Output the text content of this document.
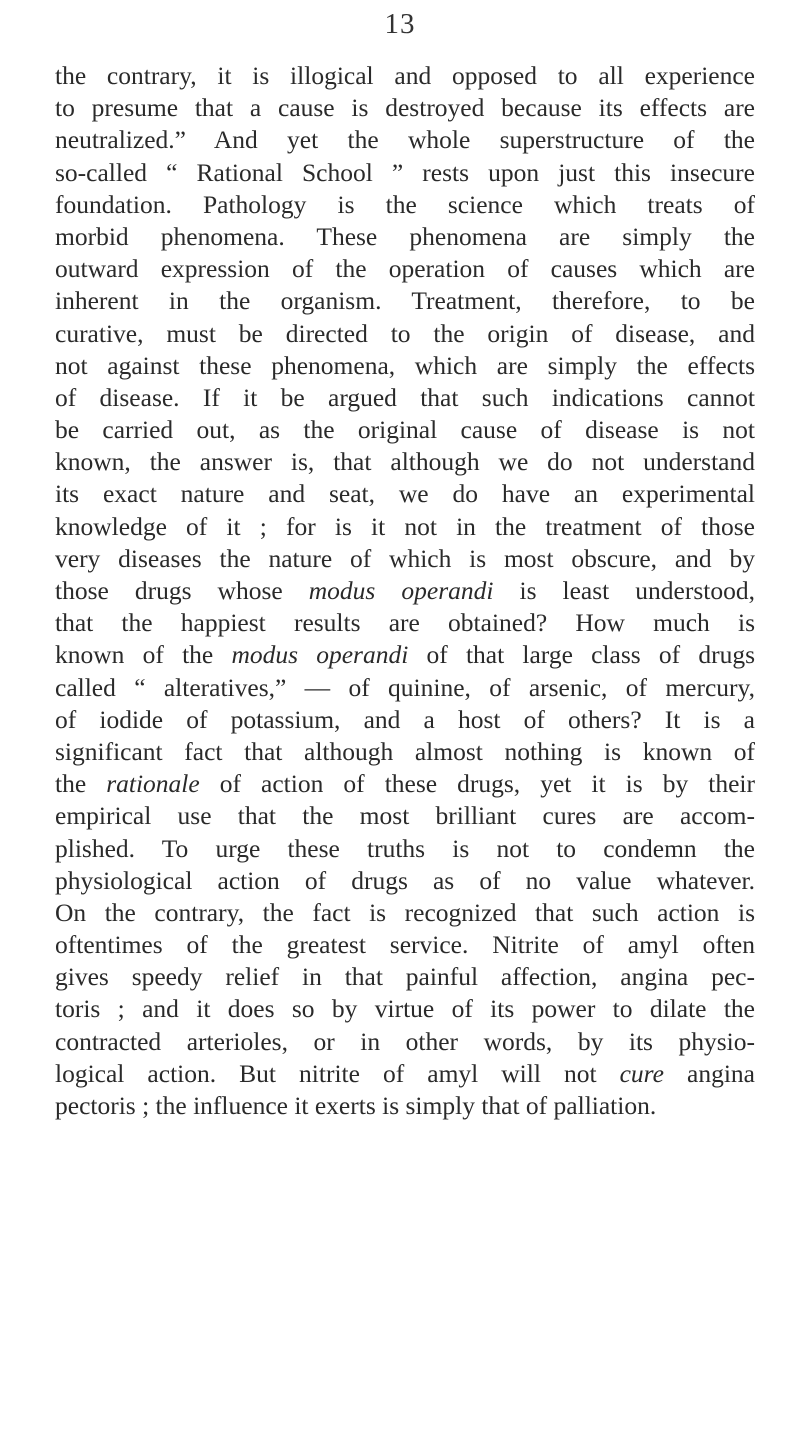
13
the contrary, it is illogical and opposed to all experience
to presume that a cause is destroyed because its effects are
neutralized.” And yet the whole superstructure of the
so-called “ Rational School ” rests upon just this insecure
foundation. Pathology is the science which treats of
morbid phenomena. These phenomena are simply the
outward expression of the operation of causes which are
inherent in the organism. Treatment, therefore, to be
curative, must be directed to the origin of disease, and
not against these phenomena, which are simply the effects
of disease. If it be argued that such indications cannot
be carried out, as the original cause of disease is not
known, the answer is, that although we do not understand
its exact nature and seat, we do have an experimental
knowledge of it ; for is it not in the treatment of those
very diseases the nature of which is most obscure, and by
those drugs whose modus operandi is least understood,
that the happiest results are obtained? How much is
known of the modus operandi of that large class of drugs
called “ alteratives,” — of quinine, of arsenic, of mercury,
of iodide of potassium, and a host of others? It is a
significant fact that although almost nothing is known of
the rationale of action of these drugs, yet it is by their
empirical use that the most brilliant cures are accom-
plished. To urge these truths is not to condemn the
physiological action of drugs as of no value whatever.
On the contrary, the fact is recognized that such action is
oftentimes of the greatest service. Nitrite of amyl often
gives speedy relief in that painful affection, angina pec-
toris ; and it does so by virtue of its power to dilate the
contracted arterioles, or in other words, by its physio-
logical action. But nitrite of amyl will not cure angina
pectoris ; the influence it exerts is simply that of palliation.
